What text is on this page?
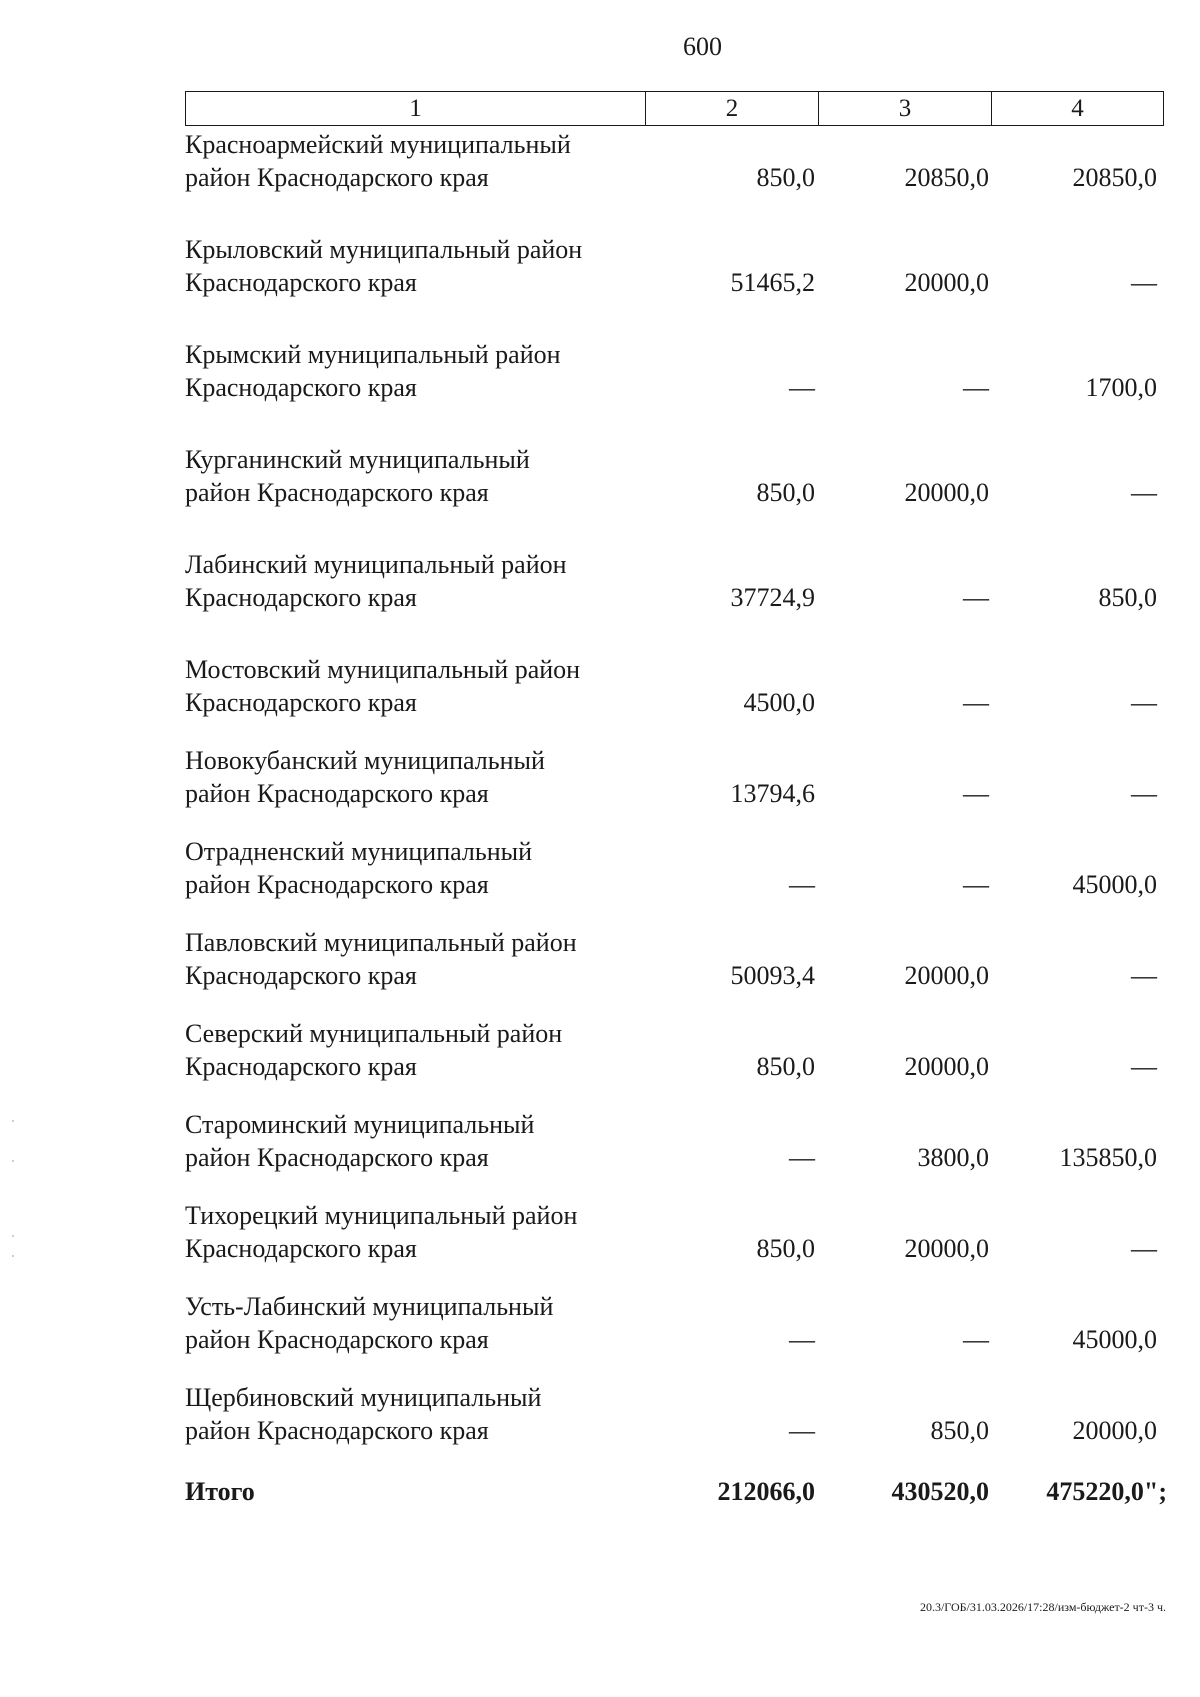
600
1	2	3	4
Красноармейский муниципальный
район Краснодарского края	850,0	20850,0	20850,0
Крыловский муниципальный район
Краснодарского края	51465,2	20000,0	—
Крымский муниципальный район
Краснодарского края	—	—	1700,0
Курганинский муниципальный
район Краснодарского края	850,0	20000,0	—
Лабинский муниципальный район
Краснодарского края	37724,9	—	850,0
Мостовский муниципальный район
Краснодарского края	4500,0	—	—
Новокубанский муниципальный
район Краснодарского края	13794,6	—	—
Отрадненский муниципальный
район Краснодарского края	—	—	45000,0
Павловский муниципальный район
Краснодарского края	50093,4	20000,0	—
Северский муниципальный район
Краснодарского края	850,0	20000,0	—
Староминский муниципальный
район Краснодарского края	—	3800,0	135850,0
Тихорецкий муниципальный район
Краснодарского края	850,0	20000,0	—
Усть-Лабинский муниципальный
район Краснодарского края	—	—	45000,0
Щербиновский муниципальный
район Краснодарского края	—	850,0	20000,0
Итого	212066,0	430520,0 475220,0";
20.3/ГОБ/31.03.2026/17:28/изм-бюджет-2 чт-3 ч.
